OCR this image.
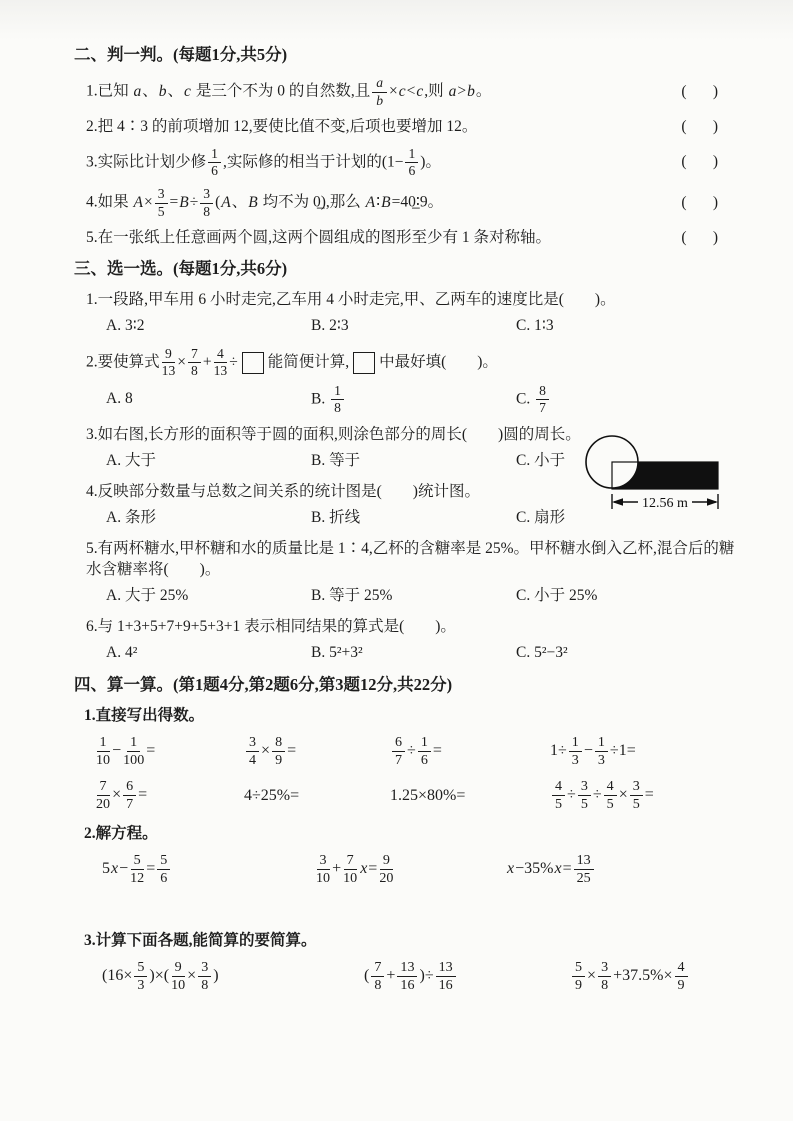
二、判一判。(每题1分,共5分)
1.已知 a、b、c 是三个不为 0 的自然数,且 $\frac{a}{b} \times c<c$,则 a>b。	(  )
2.把 4∶3 的前项增加 12,要使比值不变,后项也要增加 12。	(  )
3.实际比计划少修 $\frac{1}{6}$ ,实际修的相当于计划的($1- \frac{1}{6}$ )。	(  )
4.如果 $A\times \frac{3}{5} =B\div \frac{3}{8} (A$、B 均不为 0̲),那么 A∶B=40̲∶9。	(  )
5.在一张纸上任意画两个圆,这两个圆组成的图形至少有 1 条对称轴。	(  )
三、选一选。(每题1分,共6分)
1.一段路,甲车用 6 小时走完,乙车用 4 小时走完,甲、乙两车的速度比是(  )。
A. 3∶2	B. 2∶3	C. 1∶3
2.要使算式 $\frac{9}{13} \times \frac{7}{8} + \frac{4}{13}$ ÷ 能简便计算, 中最好填(  )。
A. 8	B. $\frac{1}{8}$	C. $\frac{8}{7}$
3.如右图,长方形的面积等于圆的面积,则涂色部分的周长(  )圆的周长。
A. 大于	B. 等于	C. 小于
4.反映部分数量与总数之间关系的统计图是(  )统计图。
A. 条形	B. 折线	C. 扇形
5.有两杯糖水,甲杯糖和水的质量比是 1∶4,乙杯的含糖率是 25%。甲杯糖水倒入乙杯,混合后的糖水含糖率将(  )。
A. 大于 25%	B. 等于 25%	C. 小于 25%
6.与 1+3+5+7+9+5+3+1 表示相同结果的算式是(  )。
A. 4²	B. 5²+3²	C. 5²−3²
四、算一算。(第1题4分,第2题6分,第3题12分,共22分)
1.直接写出得数。
$\frac{1}{10} - \frac{1}{100}$ =	$\frac{3}{4} \times \frac{8}{9}$ =	$\frac{6}{7} \div \frac{1}{6}$ =	$1\div \frac{1}{3} - \frac{1}{3} \div 1=$
$\frac{7}{20} \times \frac{6}{7}$ =	4÷25%=	1.25×80%=	$\frac{4}{5} \div \frac{3}{5} \div \frac{4}{5} \times \frac{3}{5}$ =
2.解方程。
$5x- \frac{5}{12} = \frac{5}{6}$	$\frac{3}{10} + \frac{7}{10} x= \frac{9}{20}$	$x-35\%x= \frac{13}{25}$
3.计算下面各题,能简算的要简算。
($16\times \frac{5}{3}$ )×( $\frac{9}{10} \times \frac{3}{8}$ )	( $\frac{7}{8} + \frac{13}{16}$ )÷ $\frac{13}{16}$	$\frac{5}{9} \times \frac{3}{8} +37.5\%\times \frac{4}{9}$
12.56 m
